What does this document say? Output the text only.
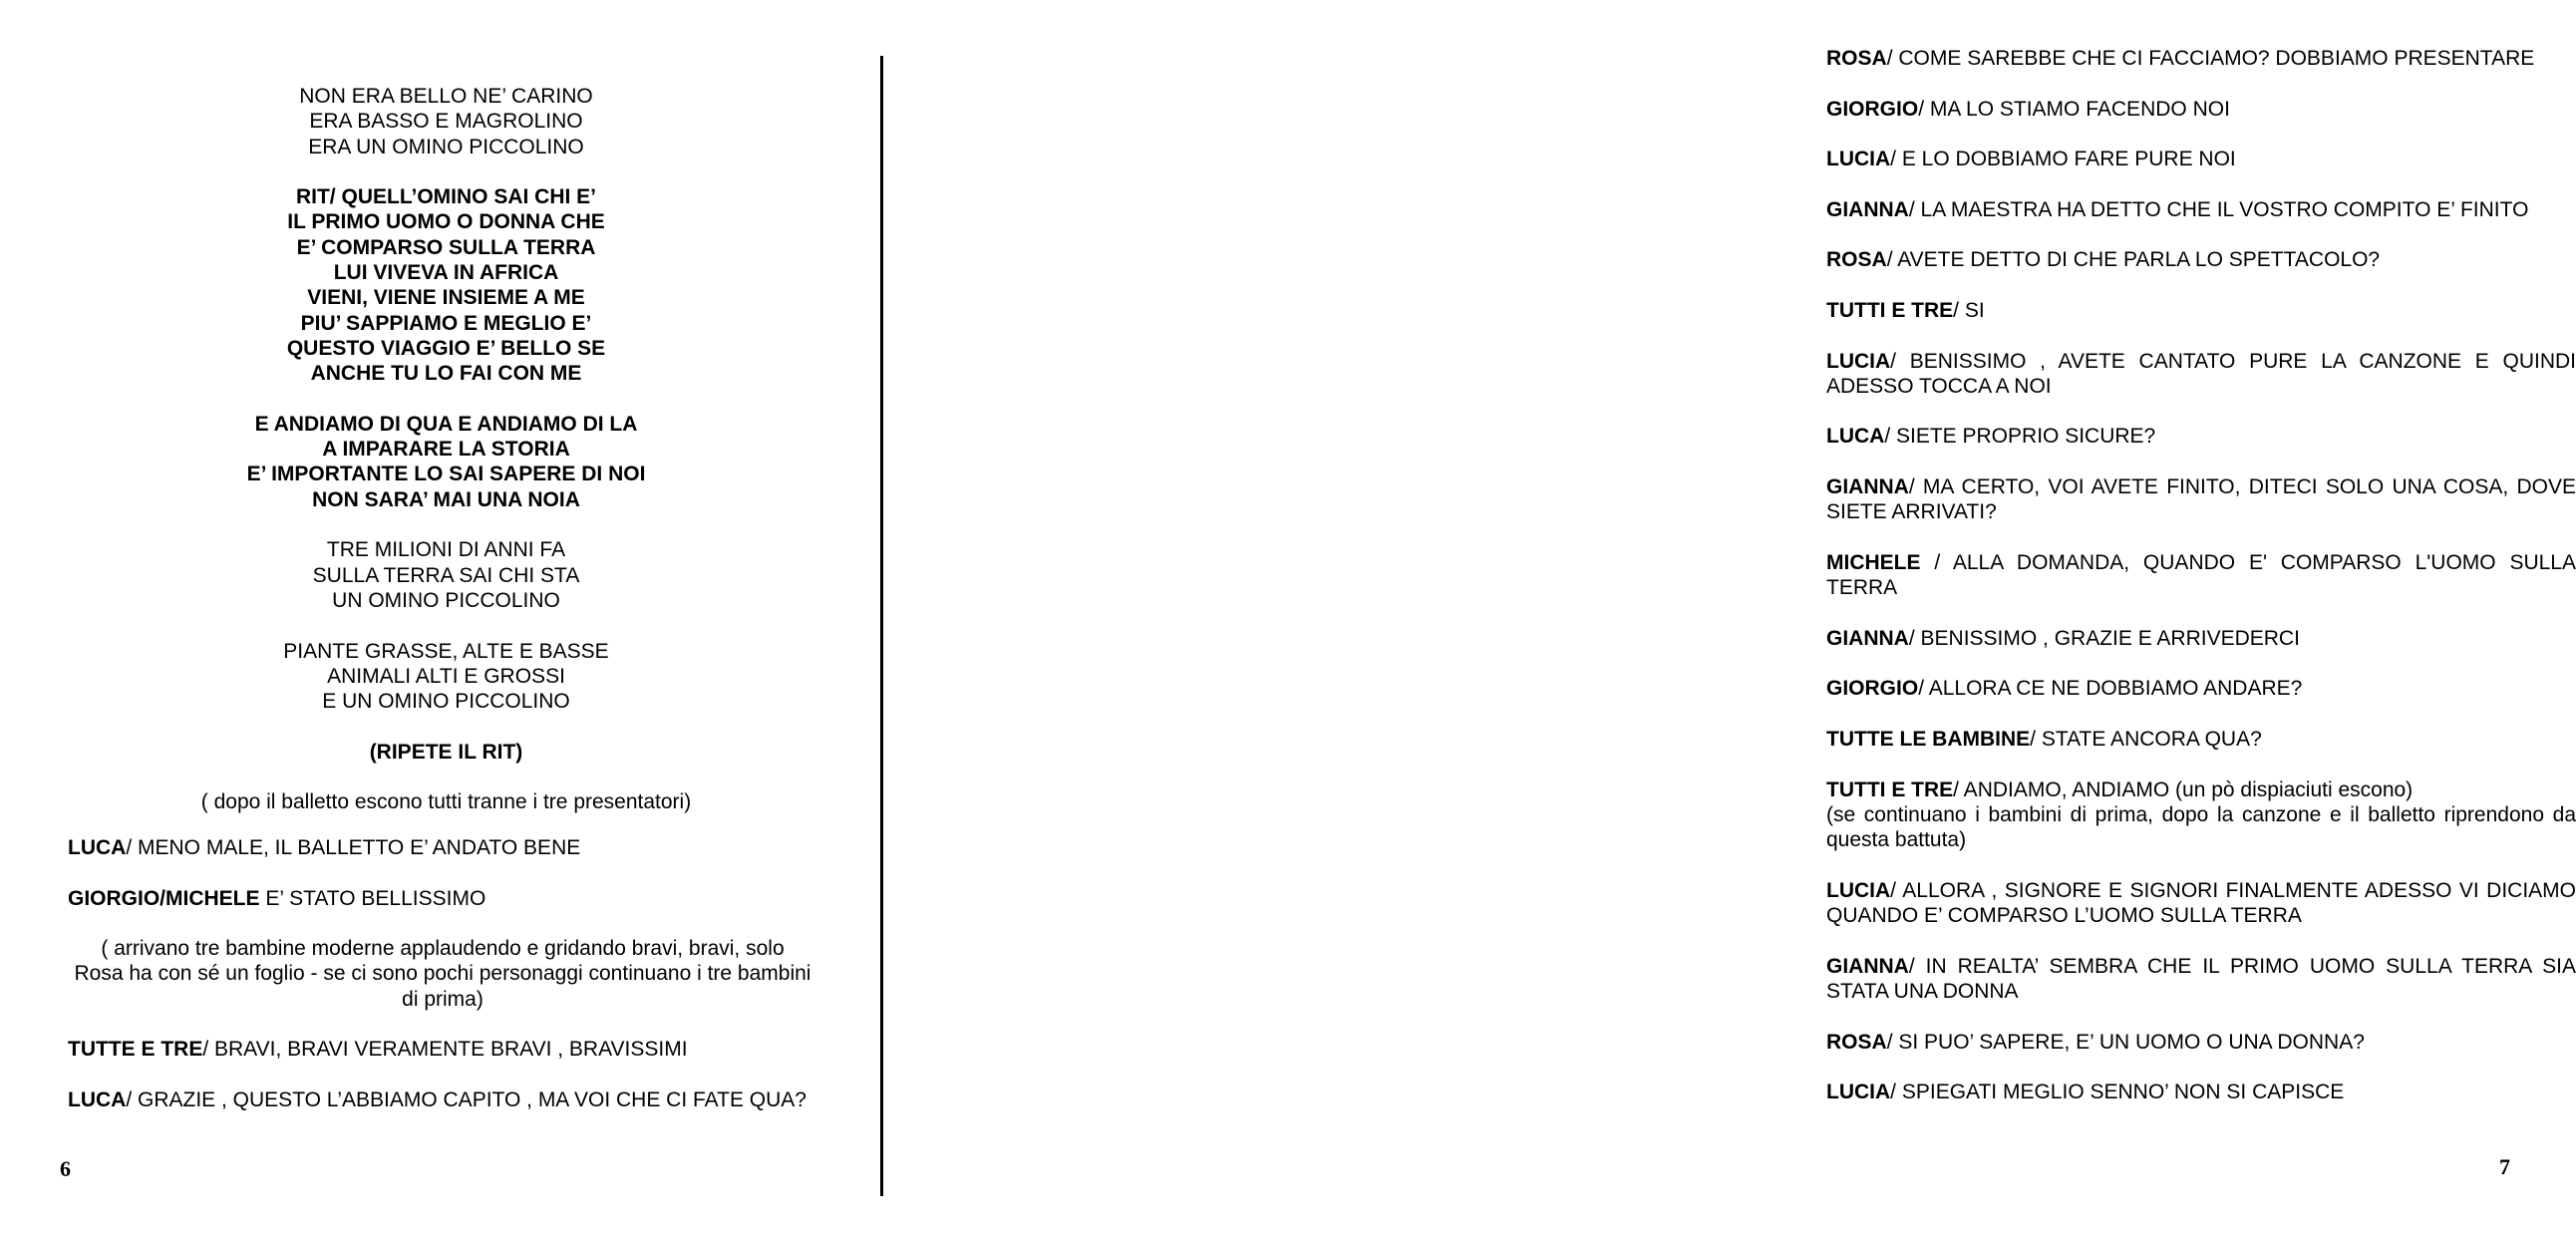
NON ERA BELLO NE’ CARINO
ERA BASSO E MAGROLINO
ERA UN OMINO PICCOLINO
RIT/ QUELL’OMINO SAI CHI E’
IL PRIMO UOMO O DONNA CHE
E’ COMPARSO SULLA TERRA
LUI VIVEVA IN AFRICA
VIENI, VIENE INSIEME A ME
PIU’ SAPPIAMO E MEGLIO E’
QUESTO VIAGGIO E’ BELLO SE
ANCHE TU LO FAI CON ME
E ANDIAMO DI QUA E ANDIAMO DI LA
A IMPARARE LA STORIA
E’ IMPORTANTE LO SAI SAPERE DI NOI
NON SARA’ MAI UNA NOIA
TRE MILIONI DI ANNI FA
SULLA TERRA SAI CHI STA
UN OMINO PICCOLINO
PIANTE GRASSE, ALTE E BASSE
ANIMALI ALTI E GROSSI
E UN OMINO PICCOLINO
(RIPETE IL RIT)
( dopo il balletto escono tutti tranne i tre presentatori)
LUCA/ MENO MALE, IL BALLETTO E’ ANDATO BENE
GIORGIO/MICHELE E’ STATO BELLISSIMO
( arrivano tre bambine moderne applaudendo e gridando bravi, bravi, solo Rosa ha con sé un foglio - se ci sono pochi personaggi continuano i tre bambini di prima)
TUTTE E TRE/ BRAVI, BRAVI VERAMENTE BRAVI , BRAVISSIMI
LUCA/ GRAZIE , QUESTO L’ABBIAMO CAPITO , MA VOI CHE CI FATE QUA?
6
ROSA/ COME SAREBBE CHE CI FACCIAMO? DOBBIAMO PRESENTARE
GIORGIO/ MA LO STIAMO FACENDO NOI
LUCIA/ E LO DOBBIAMO FARE PURE NOI
GIANNA/ LA MAESTRA HA DETTO CHE IL VOSTRO COMPITO E’ FINITO
ROSA/ AVETE DETTO DI CHE PARLA LO SPETTACOLO?
TUTTI E TRE/ SI
LUCIA/ BENISSIMO , AVETE CANTATO PURE LA CANZONE E QUINDI ADESSO TOCCA A NOI
LUCA/ SIETE PROPRIO SICURE?
GIANNA/ MA CERTO, VOI AVETE FINITO, DITECI SOLO UNA COSA, DOVE SIETE ARRIVATI?
MICHELE / ALLA DOMANDA, QUANDO E' COMPARSO L'UOMO SULLA TERRA
GIANNA/ BENISSIMO , GRAZIE E ARRIVEDERCI
GIORGIO/ ALLORA CE NE DOBBIAMO ANDARE?
TUTTE LE BAMBINE/ STATE ANCORA QUA?
TUTTI E TRE/ ANDIAMO, ANDIAMO (un pò dispiaciuti escono)
(se continuano i bambini di prima, dopo la canzone e il balletto riprendono da questa battuta)
LUCIA/ ALLORA , SIGNORE E SIGNORI FINALMENTE ADESSO VI DICIAMO QUANDO E’ COMPARSO L’UOMO SULLA TERRA
GIANNA/ IN REALTA’ SEMBRA CHE IL PRIMO UOMO SULLA TERRA SIA STATA UNA DONNA
ROSA/ SI PUO’ SAPERE, E’ UN UOMO O UNA DONNA?
LUCIA/ SPIEGATI MEGLIO SENNO’ NON SI CAPISCE
7
